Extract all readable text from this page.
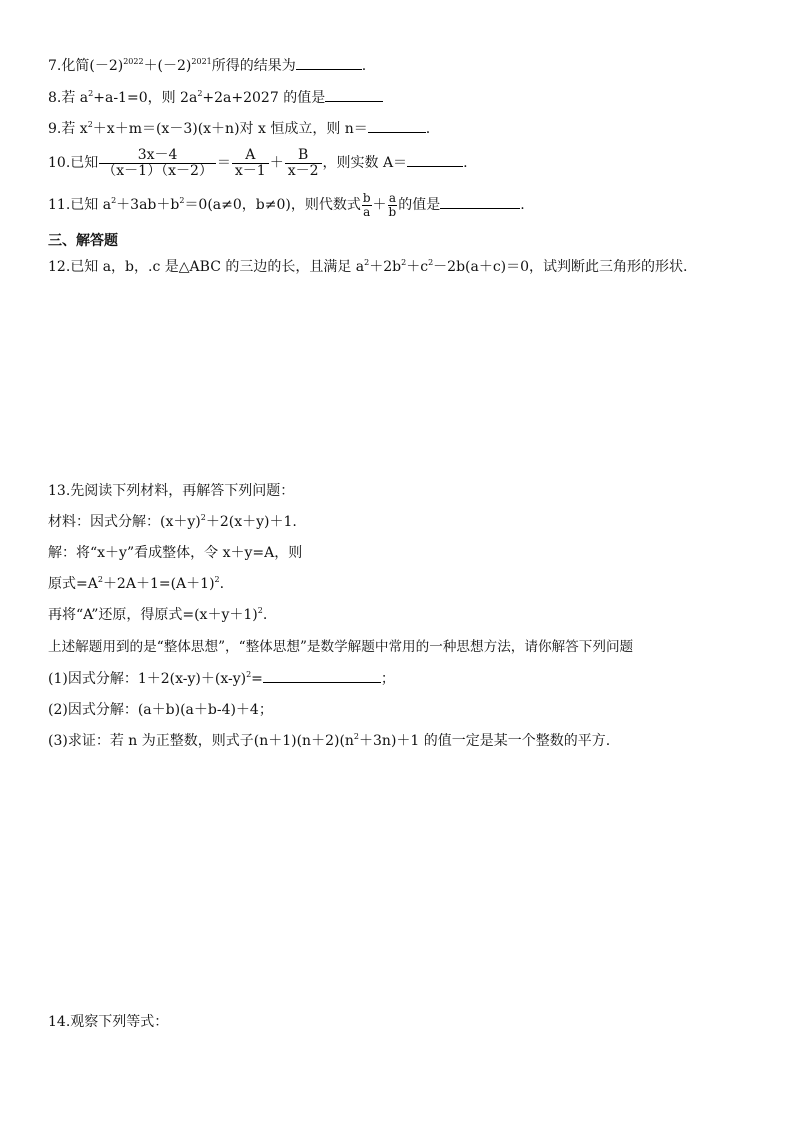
7.化简$(-2)^{2022}+(-2)^{2021}$所得的结果为	.
8.若 $a^2+a-1=0$，则 $2a^2+2a+2027$ 的值是
9.若 $x^2+x+m=(x-3)(x+n)$对 x 恒成立，则 n＝	.
10.已知 $\frac{3x-4}{(x-1)(x-2)} = \frac{A}{x-1} + \frac{B}{x-2}$ ，则实数 A＝	.
11.已知 $a^2+3ab+b^2=0(a\ne 0$，b≠0)，则代数式 $\frac{b}{a} + \frac{a}{b}$ 的值是	.
三、解答题
12.已知 a，b，.c 是△ABC 的三边的长，且满足 $a^2+2b^2+c^2-2b(a+c)=0$，试判断此三角形的形状.
13.先阅读下列材料，再解答下列问题：
材料：因式分解：$(x+y)^2+2(x+y)+1$.
解：将“x＋y”看成整体，令 x＋y=A，则
原式$=A^2+2A+1=(A+1)^2$.
再将“A”还原，得原式$=(x+y+1)^2$.
上述解题用到的是“整体思想”，“整体思想”是数学解题中常用的一种思想方法，请你解答下列问题
(1)因式分解：$1+2(x-y)+(x-y)^2=$	；
(2)因式分解：(a＋b)(a＋b-4)＋4；
(3)求证：若 n 为正整数，则式子$(n+1)(n+2)(n^2+3n)+1$ 的值一定是某一个整数的平方.
14.观察下列等式：
